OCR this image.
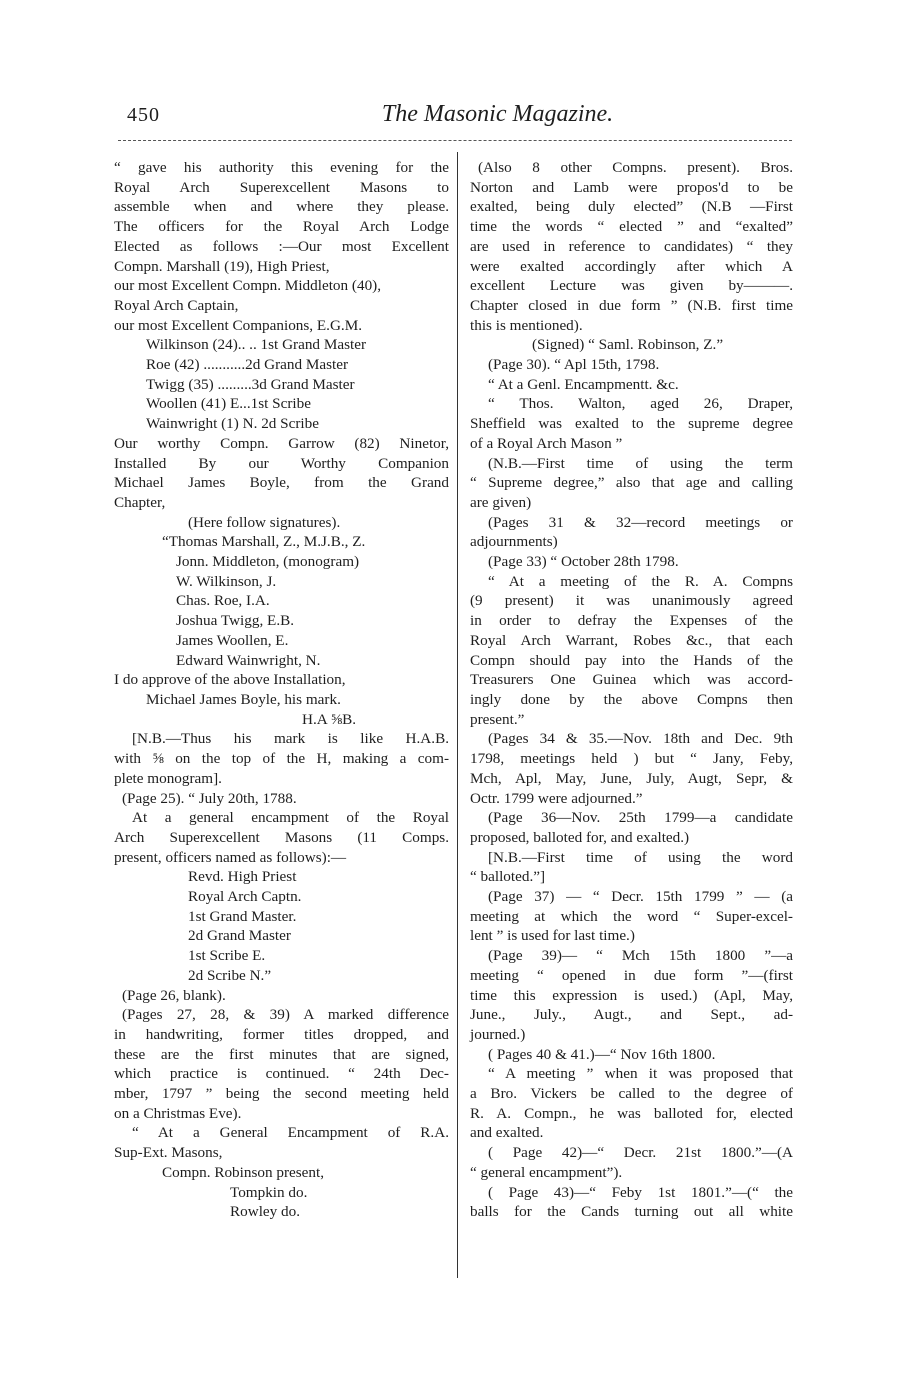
450	The Masonic Magazine.
“ gave his authority this evening for the
Royal Arch Superexcellent Masons to
assemble when and where they please.
The officers for the Royal Arch Lodge
Elected as follows :—Our most Excellent
Compn. Marshall (19), High Priest,
our most Excellent Compn. Middleton (40),
Royal Arch Captain,
our most Excellent Companions, E.G.M.
Wilkinson (24).. .. 1st Grand Master
Roe (42) ...........2d Grand Master
Twigg (35) .........3d Grand Master
Woollen (41) E...1st Scribe
Wainwright (1) N. 2d Scribe
Our worthy Compn. Garrow (82) Ninetor,
Installed By our Worthy Companion
Michael James Boyle, from the Grand
Chapter,
(Here follow signatures).
“Thomas Marshall, Z., M.J.B., Z.
Jonn. Middleton, (monogram)
W. Wilkinson, J.
Chas. Roe, I.A.
Joshua Twigg, E.B.
James Woollen, E.
Edward Wainwright, N.
I do approve of the above Installation,
Michael James Boyle, his mark.
H.A ⅝B.
[N.B.—Thus his mark is like H.A.B.
with ⅝ on the top of the H, making a com-
plete monogram].
(Page 25). “ July 20th, 1788.
At a general encampment of the Royal
Arch Superexcellent Masons (11 Comps.
present, officers named as follows):—
Revd. High Priest
Royal Arch Captn.
1st Grand Master.
2d Grand Master
1st Scribe E.
2d Scribe N.”
(Page 26, blank).
(Pages 27, 28, & 39) A marked difference
in handwriting, former titles dropped, and
these are the first minutes that are signed,
which practice is continued. “ 24th Dec-
mber, 1797 ” being the second meeting held
on a Christmas Eve).
“ At a General Encampment of R.A.
Sup-Ext. Masons,
Compn. Robinson present,
Tompkin do.
Rowley do.
(Also 8 other Compns. present). Bros.
Norton and Lamb were propos'd to be
exalted, being duly elected” (N.B —First
time the words “ elected ” and “exalted”
are used in reference to candidates) “ they
were exalted accordingly after which A
excellent Lecture was given by———.
Chapter closed in due form ” (N.B. first time
this is mentioned).
(Signed) “ Saml. Robinson, Z.”
(Page 30). “ Apl 15th, 1798.
“ At a Genl. Encampmentt. &c.
“ Thos. Walton, aged 26, Draper,
Sheffield was exalted to the supreme degree
of a Royal Arch Mason ”
(N.B.—First time of using the term
“ Supreme degree,” also that age and calling
are given)
(Pages 31 & 32—record meetings or
adjournments)
(Page 33) “ October 28th 1798.
“ At a meeting of the R. A. Compns
(9 present) it was unanimously agreed
in order to defray the Expenses of the
Royal Arch Warrant, Robes &c., that each
Compn should pay into the Hands of the
Treasurers One Guinea which was accord-
ingly done by the above Compns then
present.”
(Pages 34 & 35.—Nov. 18th and Dec. 9th
1798, meetings held ) but “ Jany, Feby,
Mch, Apl, May, June, July, Augt, Sepr, &
Octr. 1799 were adjourned.”
(Page 36—Nov. 25th 1799—a candidate
proposed, balloted for, and exalted.)
[N.B.—First time of using the word
“ balloted.”]
(Page 37) — “ Decr. 15th 1799 ” — (a
meeting at which the word “ Super-excel-
lent ” is used for last time.)
(Page 39)— “ Mch 15th 1800 ”—a
meeting “ opened in due form ”—(first
time this expression is used.) (Apl, May,
June., July., Augt., and Sept., ad-
journed.)
( Pages 40 & 41.)—“ Nov 16th 1800.
“ A meeting ” when it was proposed that
a Bro. Vickers be called to the degree of
R. A. Compn., he was balloted for, elected
and exalted.
( Page 42)—“ Decr. 21st 1800.”—(A
“ general encampment”).
( Page 43)—“ Feby 1st 1801.”—(“ the
balls for the Cands turning out all white
